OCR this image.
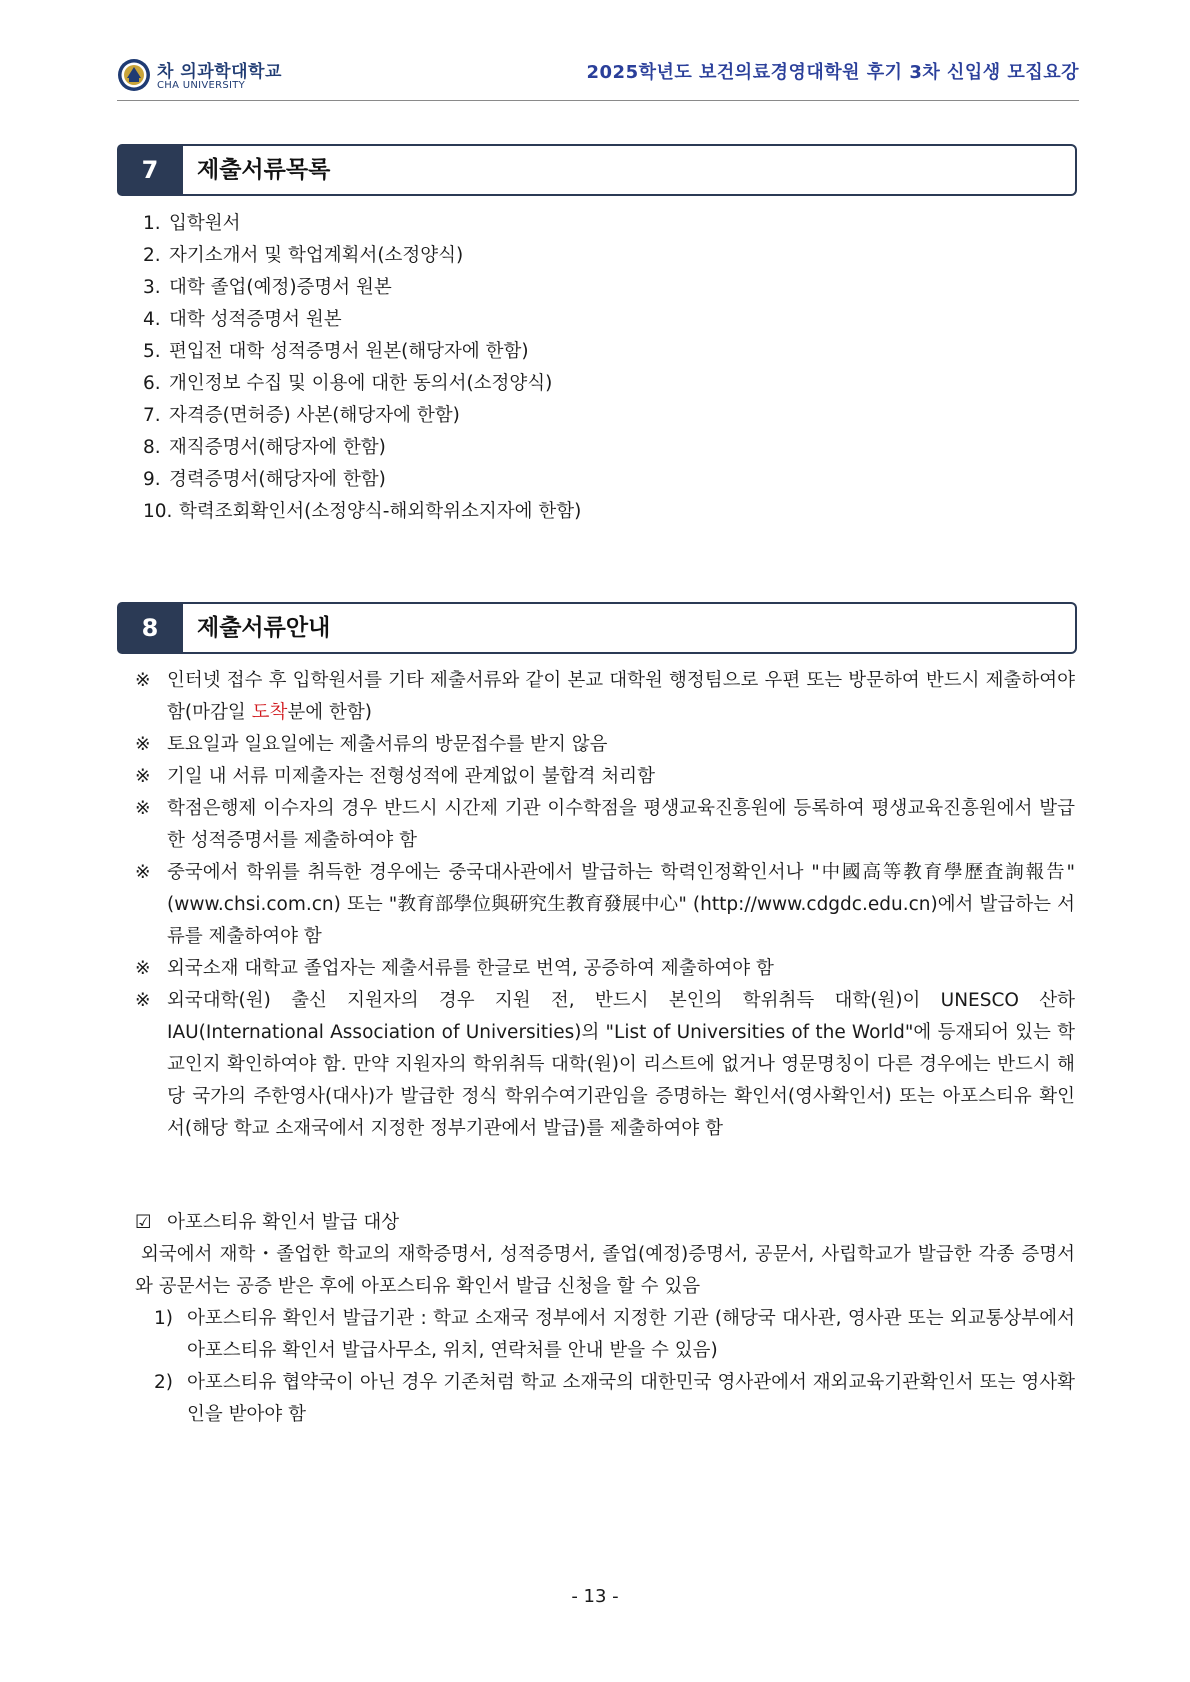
차 의과학대학교
CHA UNIVERSITY
2025학년도 보건의료경영대학원 후기 3차 신입생 모집요강
제출서류목록
7
1. 입학원서
2. 자기소개서 및 학업계획서(소정양식)
3. 대학 졸업(예정)증명서 원본
4. 대학 성적증명서 원본
5. 편입전 대학 성적증명서 원본(해당자에 한함)
6. 개인정보 수집 및 이용에 대한 동의서(소정양식)
7. 자격증(면허증) 사본(해당자에 한함)
8. 재직증명서(해당자에 한함)
9. 경력증명서(해당자에 한함)
10. 학력조회확인서(소정양식-해외학위소지자에 한함)
제출서류안내
8
※ 인터넷 접수 후 입학원서를 기타 제출서류와 같이 본교 대학원 행정팀으로 우편 또는 방문하여 반드시 제출하여야 함(마감일 도착분에 한함)
※ 토요일과 일요일에는 제출서류의 방문접수를 받지 않음
※ 기일 내 서류 미제출자는 전형성적에 관계없이 불합격 처리함
※ 학점은행제 이수자의 경우 반드시 시간제 기관 이수학점을 평생교육진흥원에 등록하여 평생교육진흥원에서 발급한 성적증명서를 제출하여야 함
※ 중국에서 학위를 취득한 경우에는 중국대사관에서 발급하는 학력인정확인서나 "中國高等教育學歷査詢報告" (www.chsi.com.cn) 또는 "教育部學位與硏究生教育發展中心" (http://www.cdgdc.edu.cn)에서 발급하는 서류를 제출하여야 함
※ 외국소재 대학교 졸업자는 제출서류를 한글로 번역, 공증하여 제출하여야 함
※ 외국대학(원) 출신 지원자의 경우 지원 전, 반드시 본인의 학위취득 대학(원)이 UNESCO 산하 IAU(International Association of Universities)의 "List of Universities of the World"에 등재되어 있는 학교인지 확인하여야 함. 만약 지원자의 학위취득 대학(원)이 리스트에 없거나 영문명칭이 다른 경우에는 반드시 해당 국가의 주한영사(대사)가 발급한 정식 학위수여기관임을 증명하는 확인서(영사확인서) 또는 아포스티유 확인서(해당 학교 소재국에서 지정한 정부기관에서 발급)를 제출하여야 함
☑ 아포스티유 확인서 발급 대상
외국에서 재학・졸업한 학교의 재학증명서, 성적증명서, 졸업(예정)증명서, 공문서, 사립학교가 발급한 각종 증명서와 공문서는 공증 받은 후에 아포스티유 확인서 발급 신청을 할 수 있음
1) 아포스티유 확인서 발급기관 : 학교 소재국 정부에서 지정한 기관 (해당국 대사관, 영사관 또는 외교통상부에서 아포스티유 확인서 발급사무소, 위치, 연락처를 안내 받을 수 있음)
2) 아포스티유 협약국이 아닌 경우 기존처럼 학교 소재국의 대한민국 영사관에서 재외교육기관확인서 또는 영사확인을 받아야 함
- 13 -
